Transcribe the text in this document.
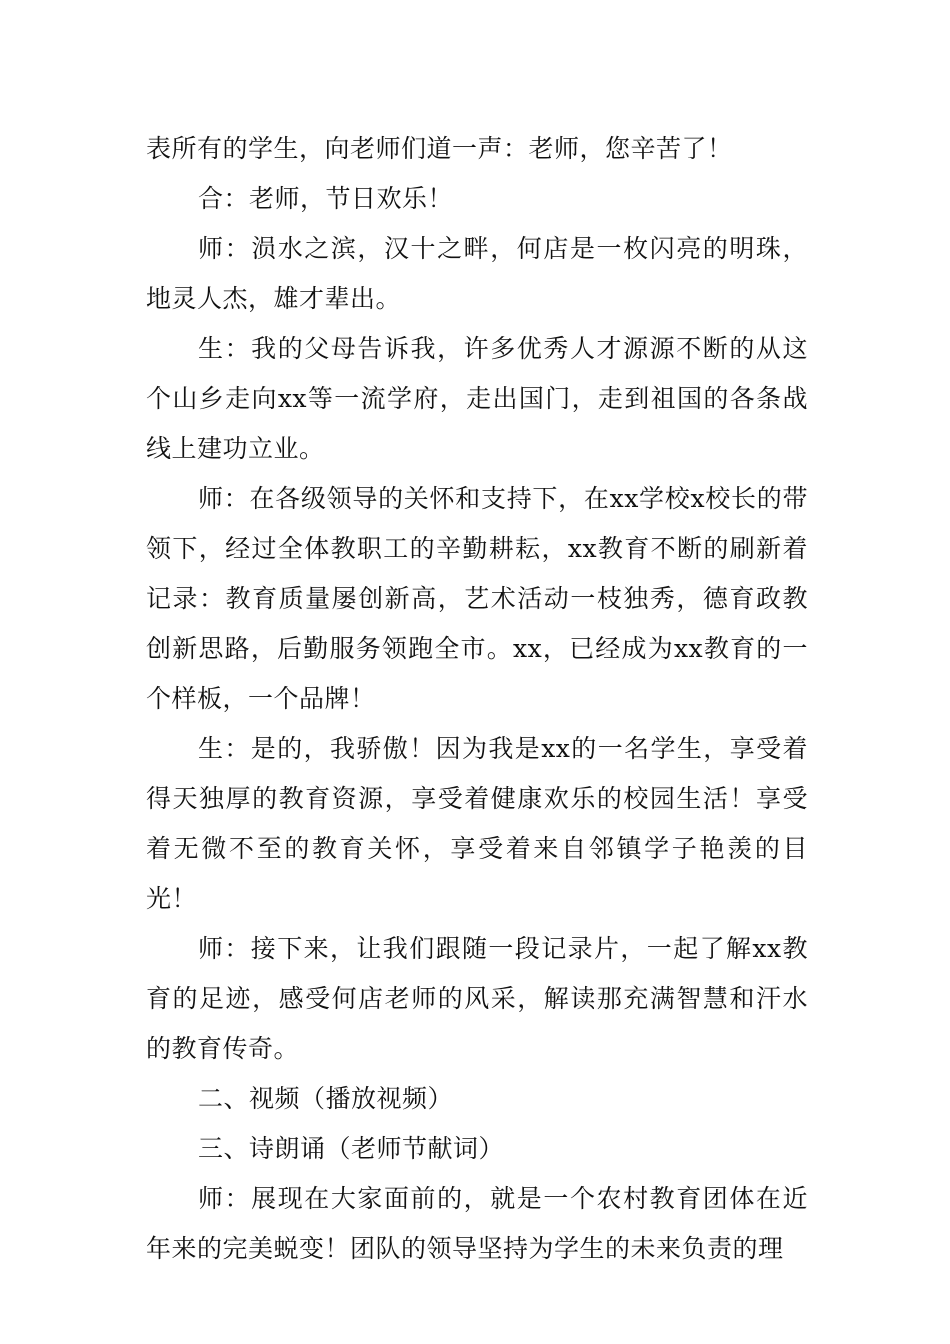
表所有的学生，向老师们道一声：老师，您辛苦了！

合：老师，节日欢乐！

师：涢水之滨，汉十之畔，何店是一枚闪亮的明珠，地灵人杰，雄才辈出。

生：我的父母告诉我，许多优秀人才源源不断的从这个山乡走向xx等一流学府，走出国门，走到祖国的各条战线上建功立业。

师：在各级领导的关怀和支持下，在xx学校x校长的带领下，经过全体教职工的辛勤耕耘，xx教育不断的刷新着记录：教育质量屡创新高，艺术活动一枝独秀，德育政教创新思路，后勤服务领跑全市。xx，已经成为xx教育的一个样板，一个品牌！

生：是的，我骄傲！因为我是xx的一名学生，享受着得天独厚的教育资源，享受着健康欢乐的校园生活！享受着无微不至的教育关怀，享受着来自邻镇学子艳羡的目光！

师：接下来，让我们跟随一段记录片，一起了解xx教育的足迹，感受何店老师的风采，解读那充满智慧和汗水的教育传奇。

二、视频（播放视频）

三、诗朗诵（老师节献词）

师：展现在大家面前的，就是一个农村教育团体在近年来的完美蜕变！团队的领导坚持为学生的未来负责的理
